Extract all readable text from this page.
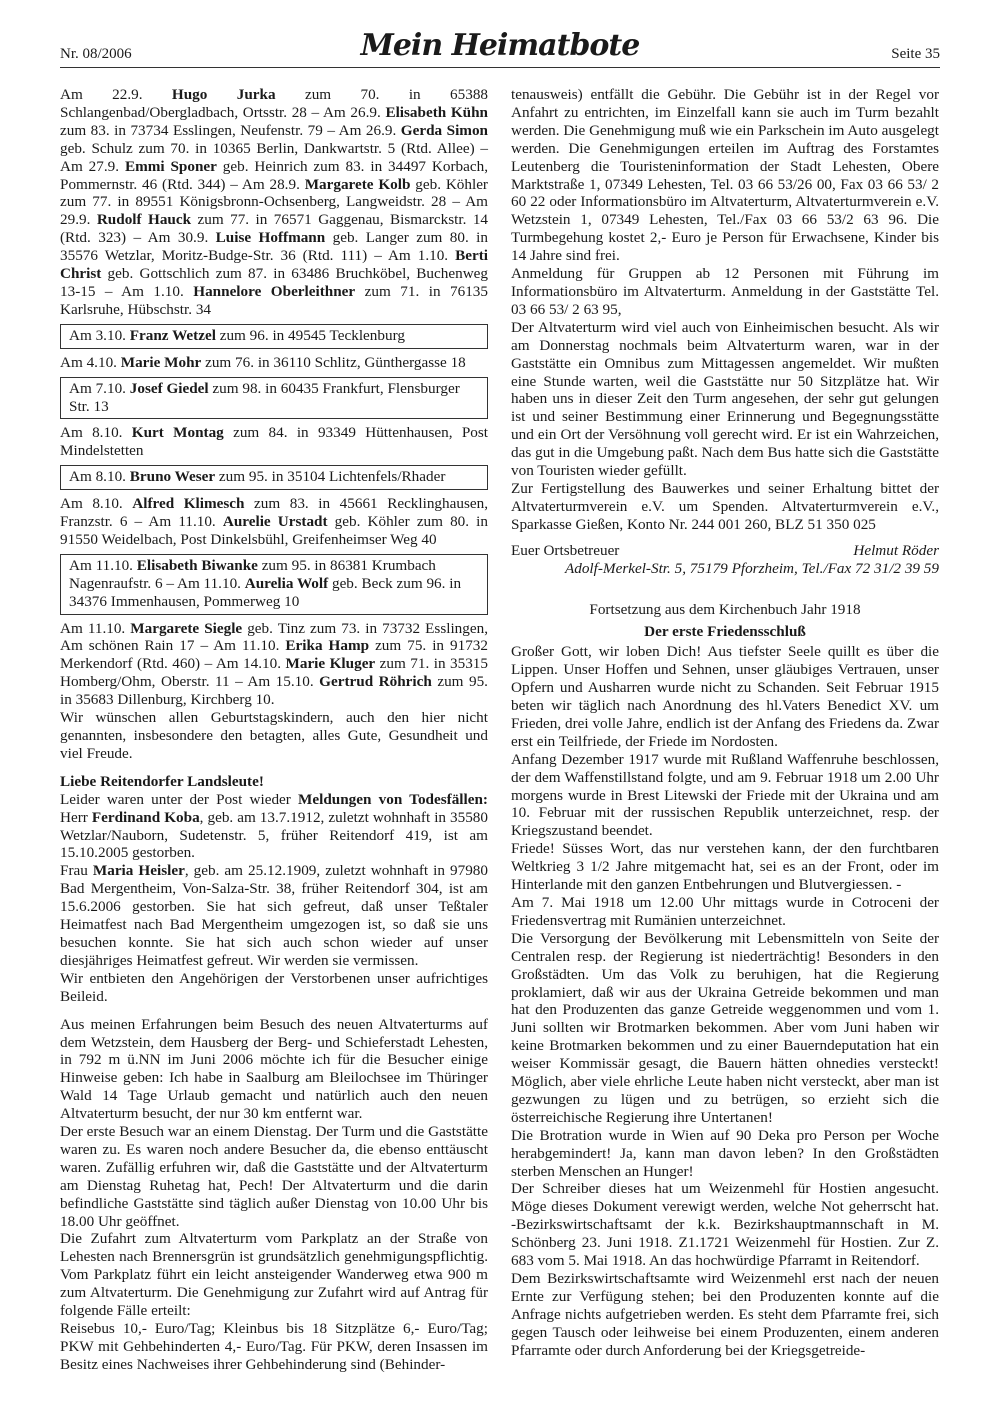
Nr. 08/2006	Mein Heimatbote	Seite 35

Am 22.9. Hugo Jurka zum 70. in 65388 Schlangenbad/Obergladbach, Ortsstr. 28 – Am 26.9. Elisabeth Kühn zum 83. in 73734 Esslingen, Neufenstr. 79 – Am 26.9. Gerda Simon geb. Schulz zum 70. in 10365 Berlin, Dankwartstr. 5 (Rtd. Allee) – Am 27.9. Emmi Sponer geb. Heinrich zum 83. in 34497 Korbach, Pommernstr. 46 (Rtd. 344) – Am 28.9. Margarete Kolb geb. Köhler zum 77. in 89551 Königsbronn-Ochsenberg, Langweidstr. 28 – Am 29.9. Rudolf Hauck zum 77. in 76571 Gaggenau, Bismarckstr. 14 (Rtd. 323) – Am 30.9. Luise Hoffmann geb. Langer zum 80. in 35576 Wetzlar, Moritz-Budge-Str. 36 (Rtd. 111) – Am 1.10. Berti Christ geb. Gottschlich zum 87. in 63486 Bruchköbel, Buchenweg 13-15 – Am 1.10. Hannelore Oberleithner zum 71. in 76135 Karlsruhe, Hübschstr. 34

Am 3.10. Franz Wetzel zum 96. in 49545 Tecklenburg

Am 4.10. Marie Mohr zum 76. in 36110 Schlitz, Günthergasse 18

Am 7.10. Josef Giedel zum 98. in 60435 Frankfurt, Flensburger Str. 13

Am 8.10. Kurt Montag zum 84. in 93349 Hüttenhausen, Post Mindelstetten

Am 8.10. Bruno Weser zum 95. in 35104 Lichtenfels/Rhader

Am 8.10. Alfred Klimesch zum 83. in 45661 Recklinghausen, Franzstr. 6 – Am 11.10. Aurelie Urstadt geb. Köhler zum 80. in 91550 Weidelbach, Post Dinkelsbühl, Greifenheimser Weg 40

Am 11.10. Elisabeth Biwanke zum 95. in 86381 Krumbach Nagenraufstr. 6 – Am 11.10. Aurelia Wolf geb. Beck zum 96. in 34376 Immenhausen, Pommerweg 10

Am 11.10. Margarete Siegle geb. Tinz zum 73. in 73732 Esslingen, Am schönen Rain 17 – Am 11.10. Erika Hamp zum 75. in 91732 Merkendorf (Rtd. 460) – Am 14.10. Marie Kluger zum 71. in 35315 Homberg/Ohm, Oberstr. 11 – Am 15.10. Gertrud Röhrich zum 95. in 35683 Dillenburg, Kirchberg 10.

Wir wünschen allen Geburtstagskindern, auch den hier nicht genannten, insbesondere den betagten, alles Gute, Gesundheit und viel Freude.

Liebe Reitendorfer Landsleute!

Leider waren unter der Post wieder Meldungen von Todesfällen: Herr Ferdinand Koba, geb. am 13.7.1912, zuletzt wohnhaft in 35580 Wetzlar/Nauborn, Sudetenstr. 5, früher Reitendorf 419, ist am 15.10.2005 gestorben.

Frau Maria Heisler, geb. am 25.12.1909, zuletzt wohnhaft in 97980 Bad Mergentheim, Von-Salza-Str. 38, früher Reitendorf 304, ist am 15.6.2006 gestorben. Sie hat sich gefreut, daß unser Teßtaler Heimatfest nach Bad Mergentheim umgezogen ist, so daß sie uns besuchen konnte. Sie hat sich auch schon wieder auf unser diesjähriges Heimatfest gefreut. Wir werden sie vermissen.

Wir entbieten den Angehörigen der Verstorbenen unser aufrichtiges Beileid.

Aus meinen Erfahrungen beim Besuch des neuen Altvaterturms auf dem Wetzstein, dem Hausberg der Berg- und Schieferstadt Lehesten, in 792 m ü.NN im Juni 2006 möchte ich für die Besucher einige Hinweise geben: Ich habe in Saalburg am Bleilochsee im Thüringer Wald 14 Tage Urlaub gemacht und natürlich auch den neuen Altvaterturm besucht, der nur 30 km entfernt war.

Der erste Besuch war an einem Dienstag. Der Turm und die Gaststätte waren zu. Es waren noch andere Besucher da, die ebenso enttäuscht waren. Zufällig erfuhren wir, daß die Gaststätte und der Altvaterturm am Dienstag Ruhetag hat, Pech! Der Altvaterturm und die darin befindliche Gaststätte sind täglich außer Dienstag von 10.00 Uhr bis 18.00 Uhr geöffnet.

Die Zufahrt zum Altvaterturm vom Parkplatz an der Straße von Lehesten nach Brennersgrün ist grundsätzlich genehmigungspflichtig. Vom Parkplatz führt ein leicht ansteigender Wanderweg etwa 900 m zum Altvaterturm. Die Genehmigung zur Zufahrt wird auf Antrag für folgende Fälle erteilt:

Reisebus 10,- Euro/Tag; Kleinbus bis 18 Sitzplätze 6,- Euro/Tag; PKW mit Gehbehinderten 4,- Euro/Tag. Für PKW, deren Insassen im Besitz eines Nachweises ihrer Gehbehinderung sind (Behinder-

tenausweis) entfällt die Gebühr. Die Gebühr ist in der Regel vor Anfahrt zu entrichten, im Einzelfall kann sie auch im Turm bezahlt werden. Die Genehmigung muß wie ein Parkschein im Auto ausgelegt werden. Die Genehmigungen erteilen im Auftrag des Forstamtes Leutenberg die Touristeninformation der Stadt Lehesten, Obere Marktstraße 1, 07349 Lehesten, Tel. 03 66 53/26 00, Fax 03 66 53/ 2 60 22 oder Informationsbüro im Altvaterturm, Altvaterturmverein e.V. Wetzstein 1, 07349 Lehesten, Tel./Fax 03 66 53/2 63 96. Die Turmbegehung kostet 2,- Euro je Person für Erwachsene, Kinder bis 14 Jahre sind frei.

Anmeldung für Gruppen ab 12 Personen mit Führung im Informationsbüro im Altvaterturm. Anmeldung in der Gaststätte Tel. 03 66 53/ 2 63 95,

Der Altvaterturm wird viel auch von Einheimischen besucht. Als wir am Donnerstag nochmals beim Altvaterturm waren, war in der Gaststätte ein Omnibus zum Mittagessen angemeldet. Wir mußten eine Stunde warten, weil die Gaststätte nur 50 Sitzplätze hat. Wir haben uns in dieser Zeit den Turm angesehen, der sehr gut gelungen ist und seiner Bestimmung einer Erinnerung und Begegnungsstätte und ein Ort der Versöhnung voll gerecht wird. Er ist ein Wahrzeichen, das gut in die Umgebung paßt. Nach dem Bus hatte sich die Gaststätte von Touristen wieder gefüllt.

Zur Fertigstellung des Bauwerkes und seiner Erhaltung bittet der Altvaterturmverein e.V. um Spenden. Altvaterturmverein e.V., Sparkasse Gießen, Konto Nr. 244 001 260, BLZ 51 350 025

Euer Ortsbetreuer	Helmut Röder

Adolf-Merkel-Str. 5, 75179 Pforzheim, Tel./Fax 72 31/2 39 59

Fortsetzung aus dem Kirchenbuch Jahr 1918

Der erste Friedensschluß

Großer Gott, wir loben Dich! Aus tiefster Seele quillt es über die Lippen. Unser Hoffen und Sehnen, unser gläubiges Vertrauen, unser Opfern und Ausharren wurde nicht zu Schanden. Seit Februar 1915 beten wir täglich nach Anordnung des hl.Vaters Benedict XV. um Frieden, drei volle Jahre, endlich ist der Anfang des Friedens da. Zwar erst ein Teilfriede, der Friede im Nordosten.

Anfang Dezember 1917 wurde mit Rußland Waffenruhe beschlossen, der dem Waffenstillstand folgte, und am 9. Februar 1918 um 2.00 Uhr morgens wurde in Brest Litewski der Friede mit der Ukraina und am 10. Februar mit der russischen Republik unterzeichnet, resp. der Kriegszustand beendet.

Friede! Süsses Wort, das nur verstehen kann, der den furchtbaren Weltkrieg 3 1/2 Jahre mitgemacht hat, sei es an der Front, oder im Hinterlande mit den ganzen Entbehrungen und Blutvergiessen. -

Am 7. Mai 1918 um 12.00 Uhr mittags wurde in Cotroceni der Friedensvertrag mit Rumänien unterzeichnet.

Die Versorgung der Bevölkerung mit Lebensmitteln von Seite der Centralen resp. der Regierung ist niederträchtig! Besonders in den Großstädten. Um das Volk zu beruhigen, hat die Regierung proklamiert, daß wir aus der Ukraina Getreide bekommen und man hat den Produzenten das ganze Getreide weggenommen und vom 1. Juni sollten wir Brotmarken bekommen. Aber vom Juni haben wir keine Brotmarken bekommen und zu einer Bauerndeputation hat ein weiser Kommissär gesagt, die Bauern hätten ohnedies versteckt! Möglich, aber viele ehrliche Leute haben nicht versteckt, aber man ist gezwungen zu lügen und zu betrügen, so erzieht sich die österreichische Regierung ihre Untertanen!

Die Brotration wurde in Wien auf 90 Deka pro Person per Woche herabgemindert! Ja, kann man davon leben? In den Großstädten sterben Menschen an Hunger!

Der Schreiber dieses hat um Weizenmehl für Hostien angesucht. Möge dieses Dokument verewigt werden, welche Not geherrscht hat. -Bezirkswirtschaftsamt der k.k. Bezirkshauptmannschaft in M. Schönberg 23. Juni 1918. Z1.1721 Weizenmehl für Hostien. Zur Z. 683 vom 5. Mai 1918. An das hochwürdige Pfarramt in Reitendorf.

Dem Bezirkswirtschaftsamte wird Weizenmehl erst nach der neuen Ernte zur Verfügung stehen; bei den Produzenten konnte auf die Anfrage nichts aufgetrieben werden. Es steht dem Pfarramte frei, sich gegen Tausch oder leihweise bei einem Produzenten, einem anderen Pfarramte oder durch Anforderung bei der Kriegsgetreide-
